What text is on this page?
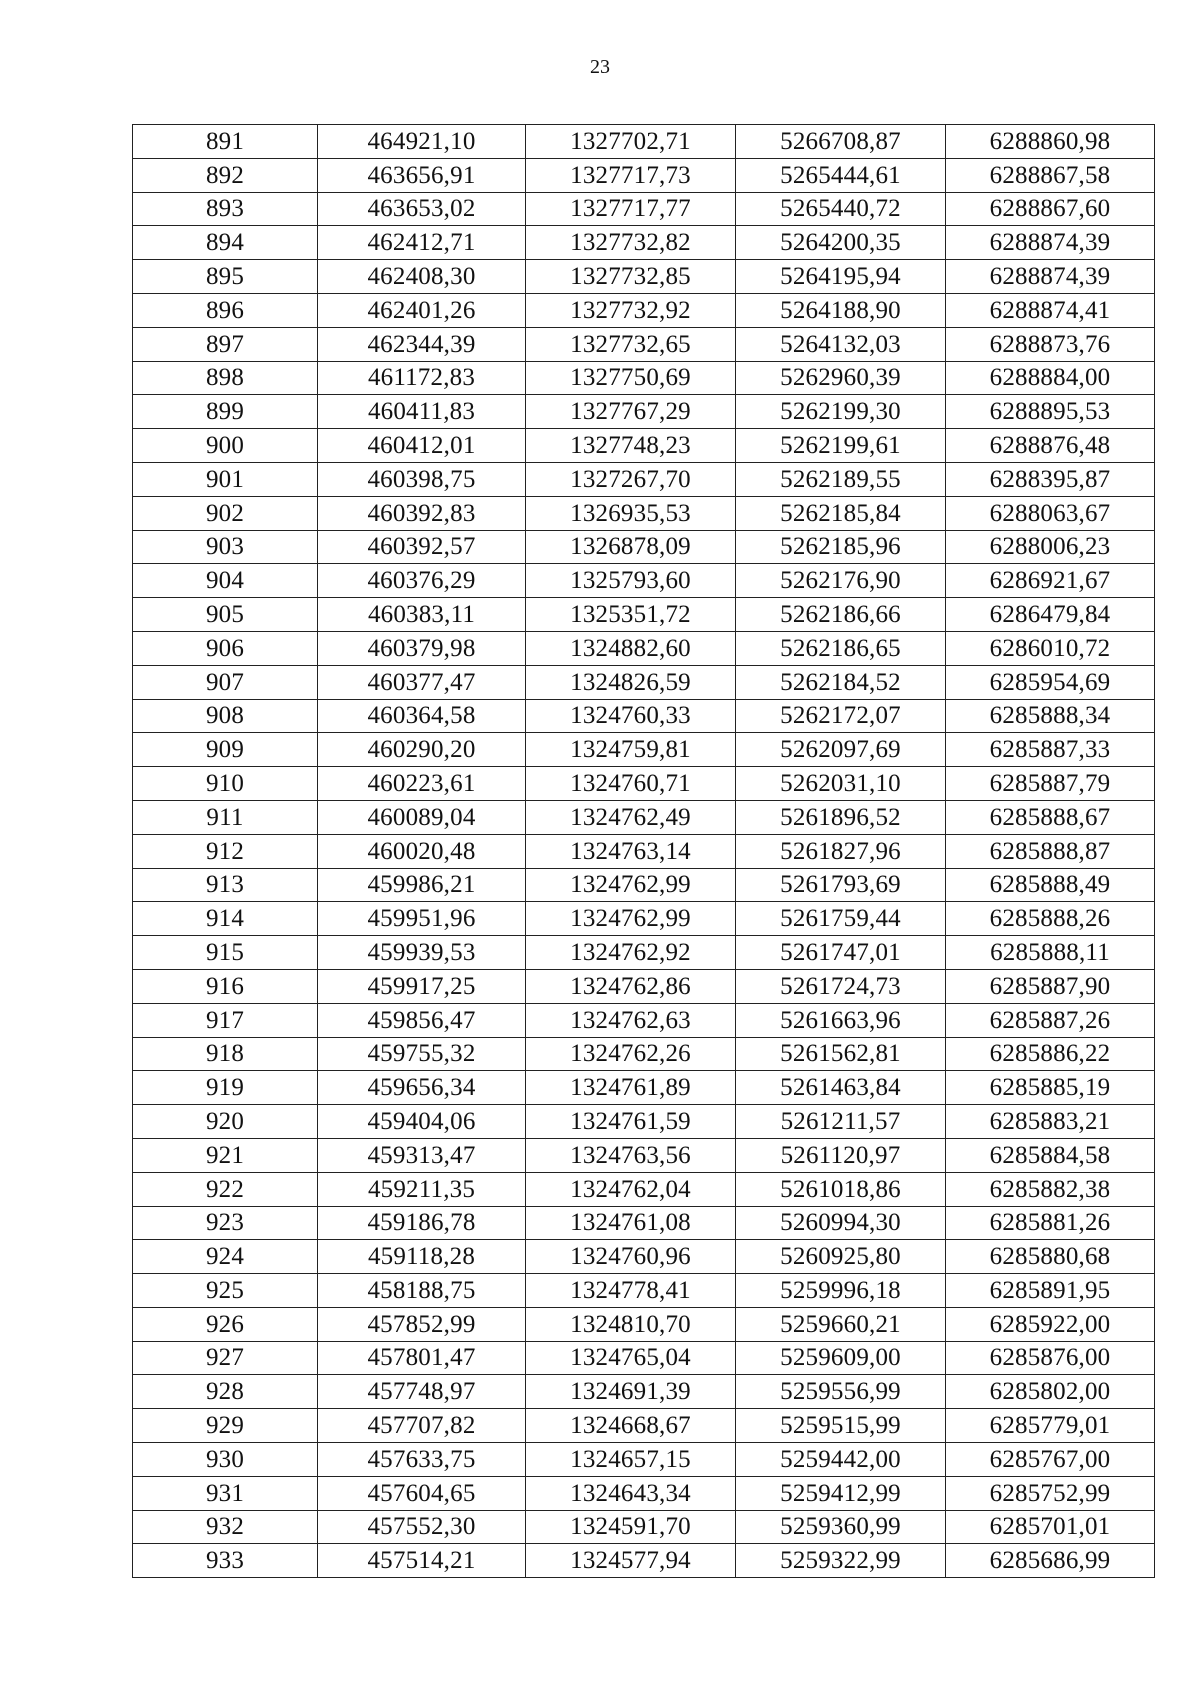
23
891	464921,10	1327702,71	5266708,87	6288860,98
892	463656,91	1327717,73	5265444,61	6288867,58
893	463653,02	1327717,77	5265440,72	6288867,60
894	462412,71	1327732,82	5264200,35	6288874,39
895	462408,30	1327732,85	5264195,94	6288874,39
896	462401,26	1327732,92	5264188,90	6288874,41
897	462344,39	1327732,65	5264132,03	6288873,76
898	461172,83	1327750,69	5262960,39	6288884,00
899	460411,83	1327767,29	5262199,30	6288895,53
900	460412,01	1327748,23	5262199,61	6288876,48
901	460398,75	1327267,70	5262189,55	6288395,87
902	460392,83	1326935,53	5262185,84	6288063,67
903	460392,57	1326878,09	5262185,96	6288006,23
904	460376,29	1325793,60	5262176,90	6286921,67
905	460383,11	1325351,72	5262186,66	6286479,84
906	460379,98	1324882,60	5262186,65	6286010,72
907	460377,47	1324826,59	5262184,52	6285954,69
908	460364,58	1324760,33	5262172,07	6285888,34
909	460290,20	1324759,81	5262097,69	6285887,33
910	460223,61	1324760,71	5262031,10	6285887,79
911	460089,04	1324762,49	5261896,52	6285888,67
912	460020,48	1324763,14	5261827,96	6285888,87
913	459986,21	1324762,99	5261793,69	6285888,49
914	459951,96	1324762,99	5261759,44	6285888,26
915	459939,53	1324762,92	5261747,01	6285888,11
916	459917,25	1324762,86	5261724,73	6285887,90
917	459856,47	1324762,63	5261663,96	6285887,26
918	459755,32	1324762,26	5261562,81	6285886,22
919	459656,34	1324761,89	5261463,84	6285885,19
920	459404,06	1324761,59	5261211,57	6285883,21
921	459313,47	1324763,56	5261120,97	6285884,58
922	459211,35	1324762,04	5261018,86	6285882,38
923	459186,78	1324761,08	5260994,30	6285881,26
924	459118,28	1324760,96	5260925,80	6285880,68
925	458188,75	1324778,41	5259996,18	6285891,95
926	457852,99	1324810,70	5259660,21	6285922,00
927	457801,47	1324765,04	5259609,00	6285876,00
928	457748,97	1324691,39	5259556,99	6285802,00
929	457707,82	1324668,67	5259515,99	6285779,01
930	457633,75	1324657,15	5259442,00	6285767,00
931	457604,65	1324643,34	5259412,99	6285752,99
932	457552,30	1324591,70	5259360,99	6285701,01
933	457514,21	1324577,94	5259322,99	6285686,99
